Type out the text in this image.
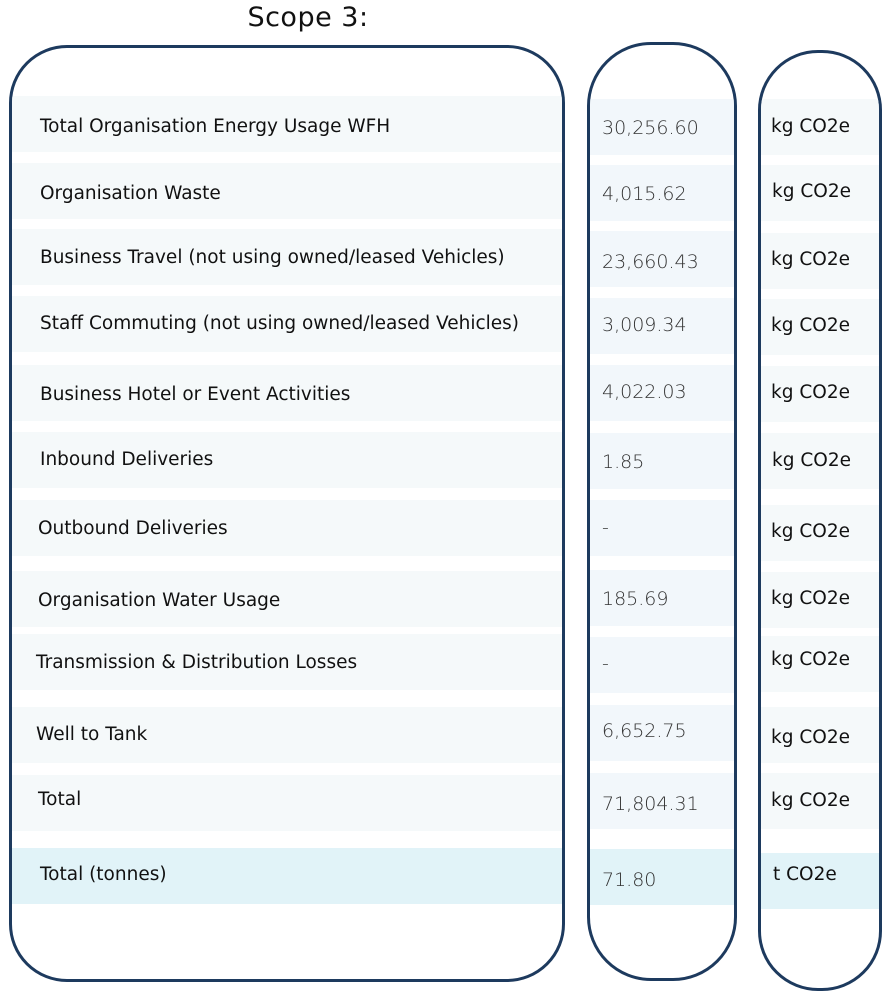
Scope 3:
Total Organisation Energy Usage WFH
Organisation Waste
Business Travel (not using owned/leased Vehicles)
Staff Commuting (not using owned/leased Vehicles)
Business Hotel or Event Activities
Inbound Deliveries
Outbound Deliveries
Organisation Water Usage
Transmission & Distribution Losses
Well to Tank
Total
Total (tonnes)
30,256.60
4,015.62
23,660.43
3,009.34
4,022.03
1.85
-
185.69
-
6,652.75
71,804.31
71.80
kg CO2e
kg CO2e
kg CO2e
kg CO2e
kg CO2e
kg CO2e
kg CO2e
kg CO2e
kg CO2e
kg CO2e
kg CO2e
t CO2e
